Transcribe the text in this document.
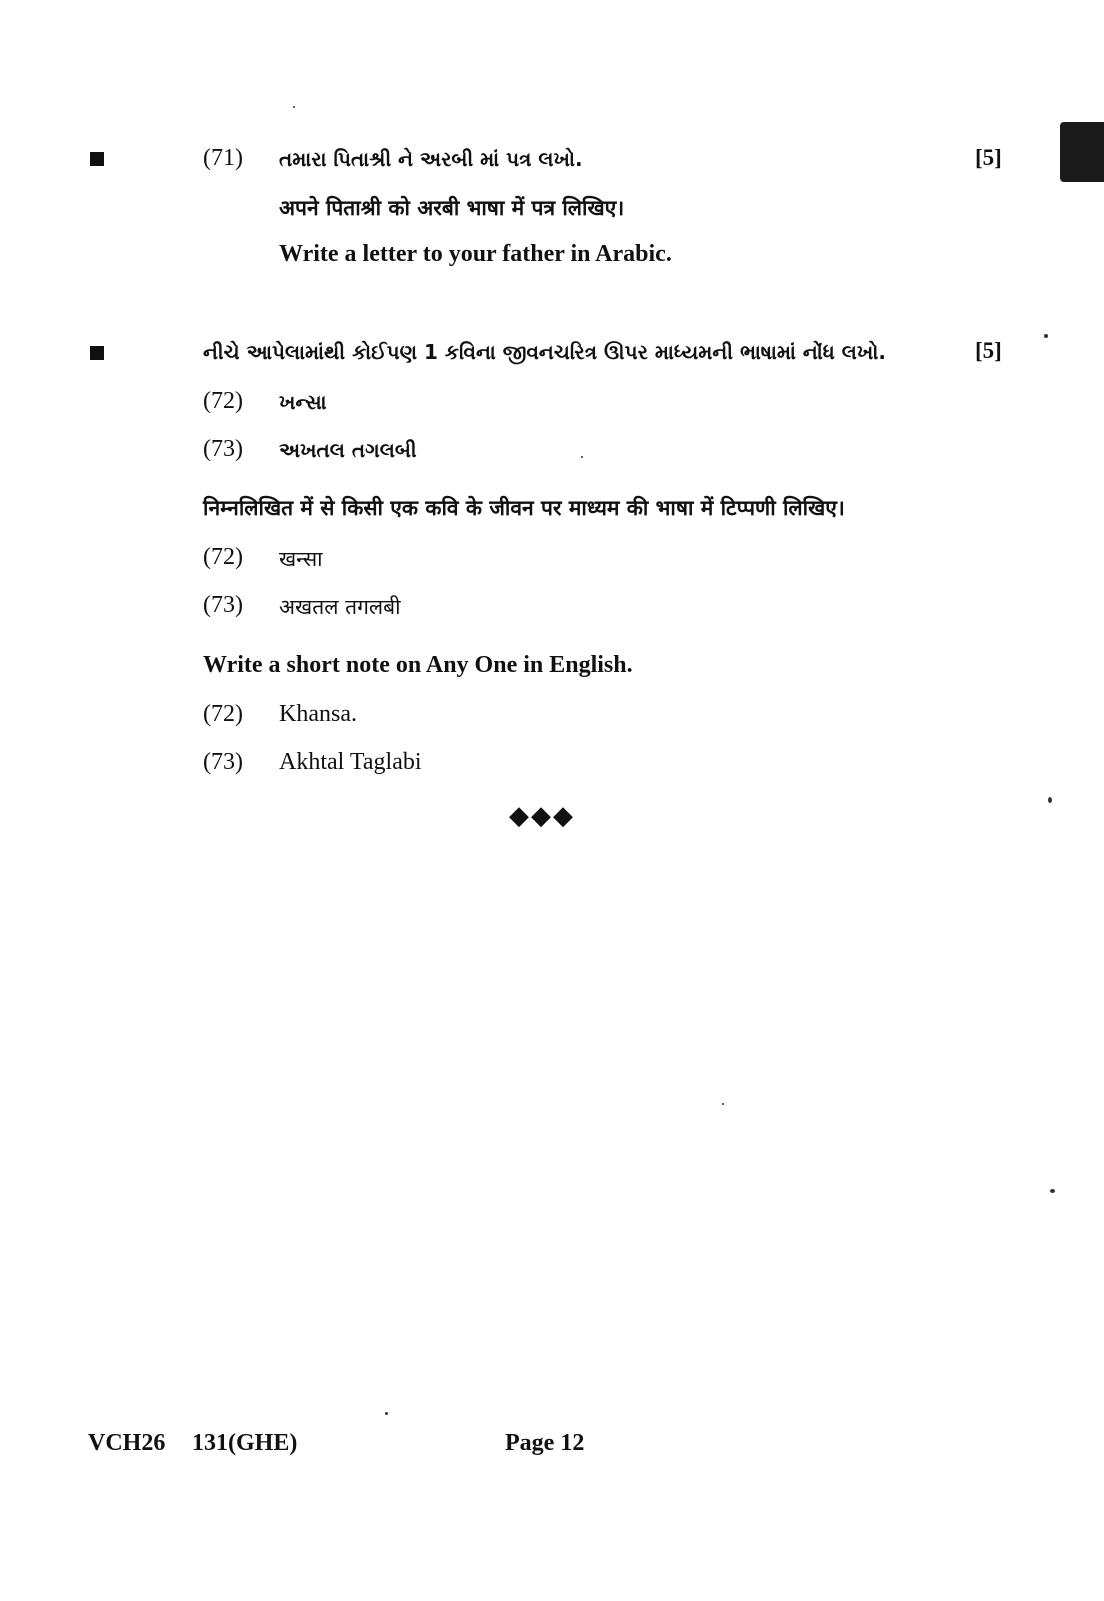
(71) તમારા પિતાશ્રી ને અરબી માં પત્ર લખો.	[5]
अपने पिताश्री को अरबी भाषा में पत्र लिखिए।
Write a letter to your father in Arabic.
નીચે આપેલામાંથી કોઈપણ 1 કવિના જીવનચરિત્ર ઊપર માધ્યમની ભાષામાં નોંધ લખો.	[5]
(72) ખન્સા
(73) અખતલ તગલબી
निम्नलिखित में से किसी एक कवि के जीवन पर माध्यम की भाषा में टिप्पणी लिखिए।
(72) खन्सा
(73) अखतल तगलबी
Write a short note on Any One in English.
(72) Khansa.
(73) Akhtal Taglabi
◆◆◆
VCH26 131(GHE)	Page 12
